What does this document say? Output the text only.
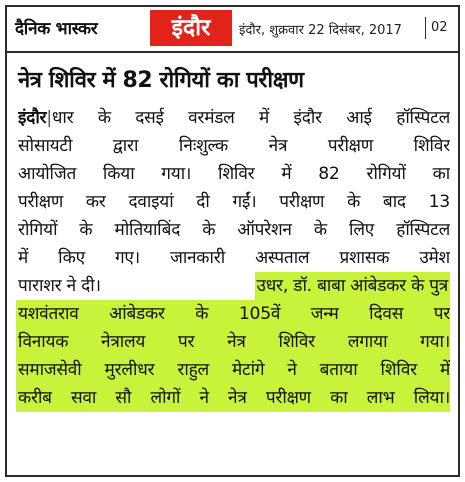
दैनिक भास्कर	इंदौर	इंदौर, शुक्रवार 22 दिसंबर, 2017 02
नेत्र शिविर में 82 रोगियों का परीक्षण
इंदौर|धार के दसई वरमंडल में इंदौर आई हॉस्पिटल
सोसायटी द्वारा निःशुल्क नेत्र परीक्षण शिविर
आयोजित किया गया। शिविर में 82 रोगियों का
परीक्षण कर दवाइयां दी गईं। परीक्षण के बाद 13
रोगियों के मोतियाबिंद के ऑपरेशन के लिए हॉस्पिटल
में किए गए। जानकारी अस्पताल प्रशासक उमेश
पाराशर ने दी।	उधर, डॉ. बाबा आंबेडकर के पुत्र
यशवंतराव आंबेडकर के 105वें जन्म दिवस पर
विनायक नेत्रालय पर नेत्र शिविर लगाया गया।
समाजसेवी मुरलीधर राहुल मेटांगे ने बताया शिविर में
करीब सवा सौ लोगों ने नेत्र परीक्षण का लाभ लिया।
